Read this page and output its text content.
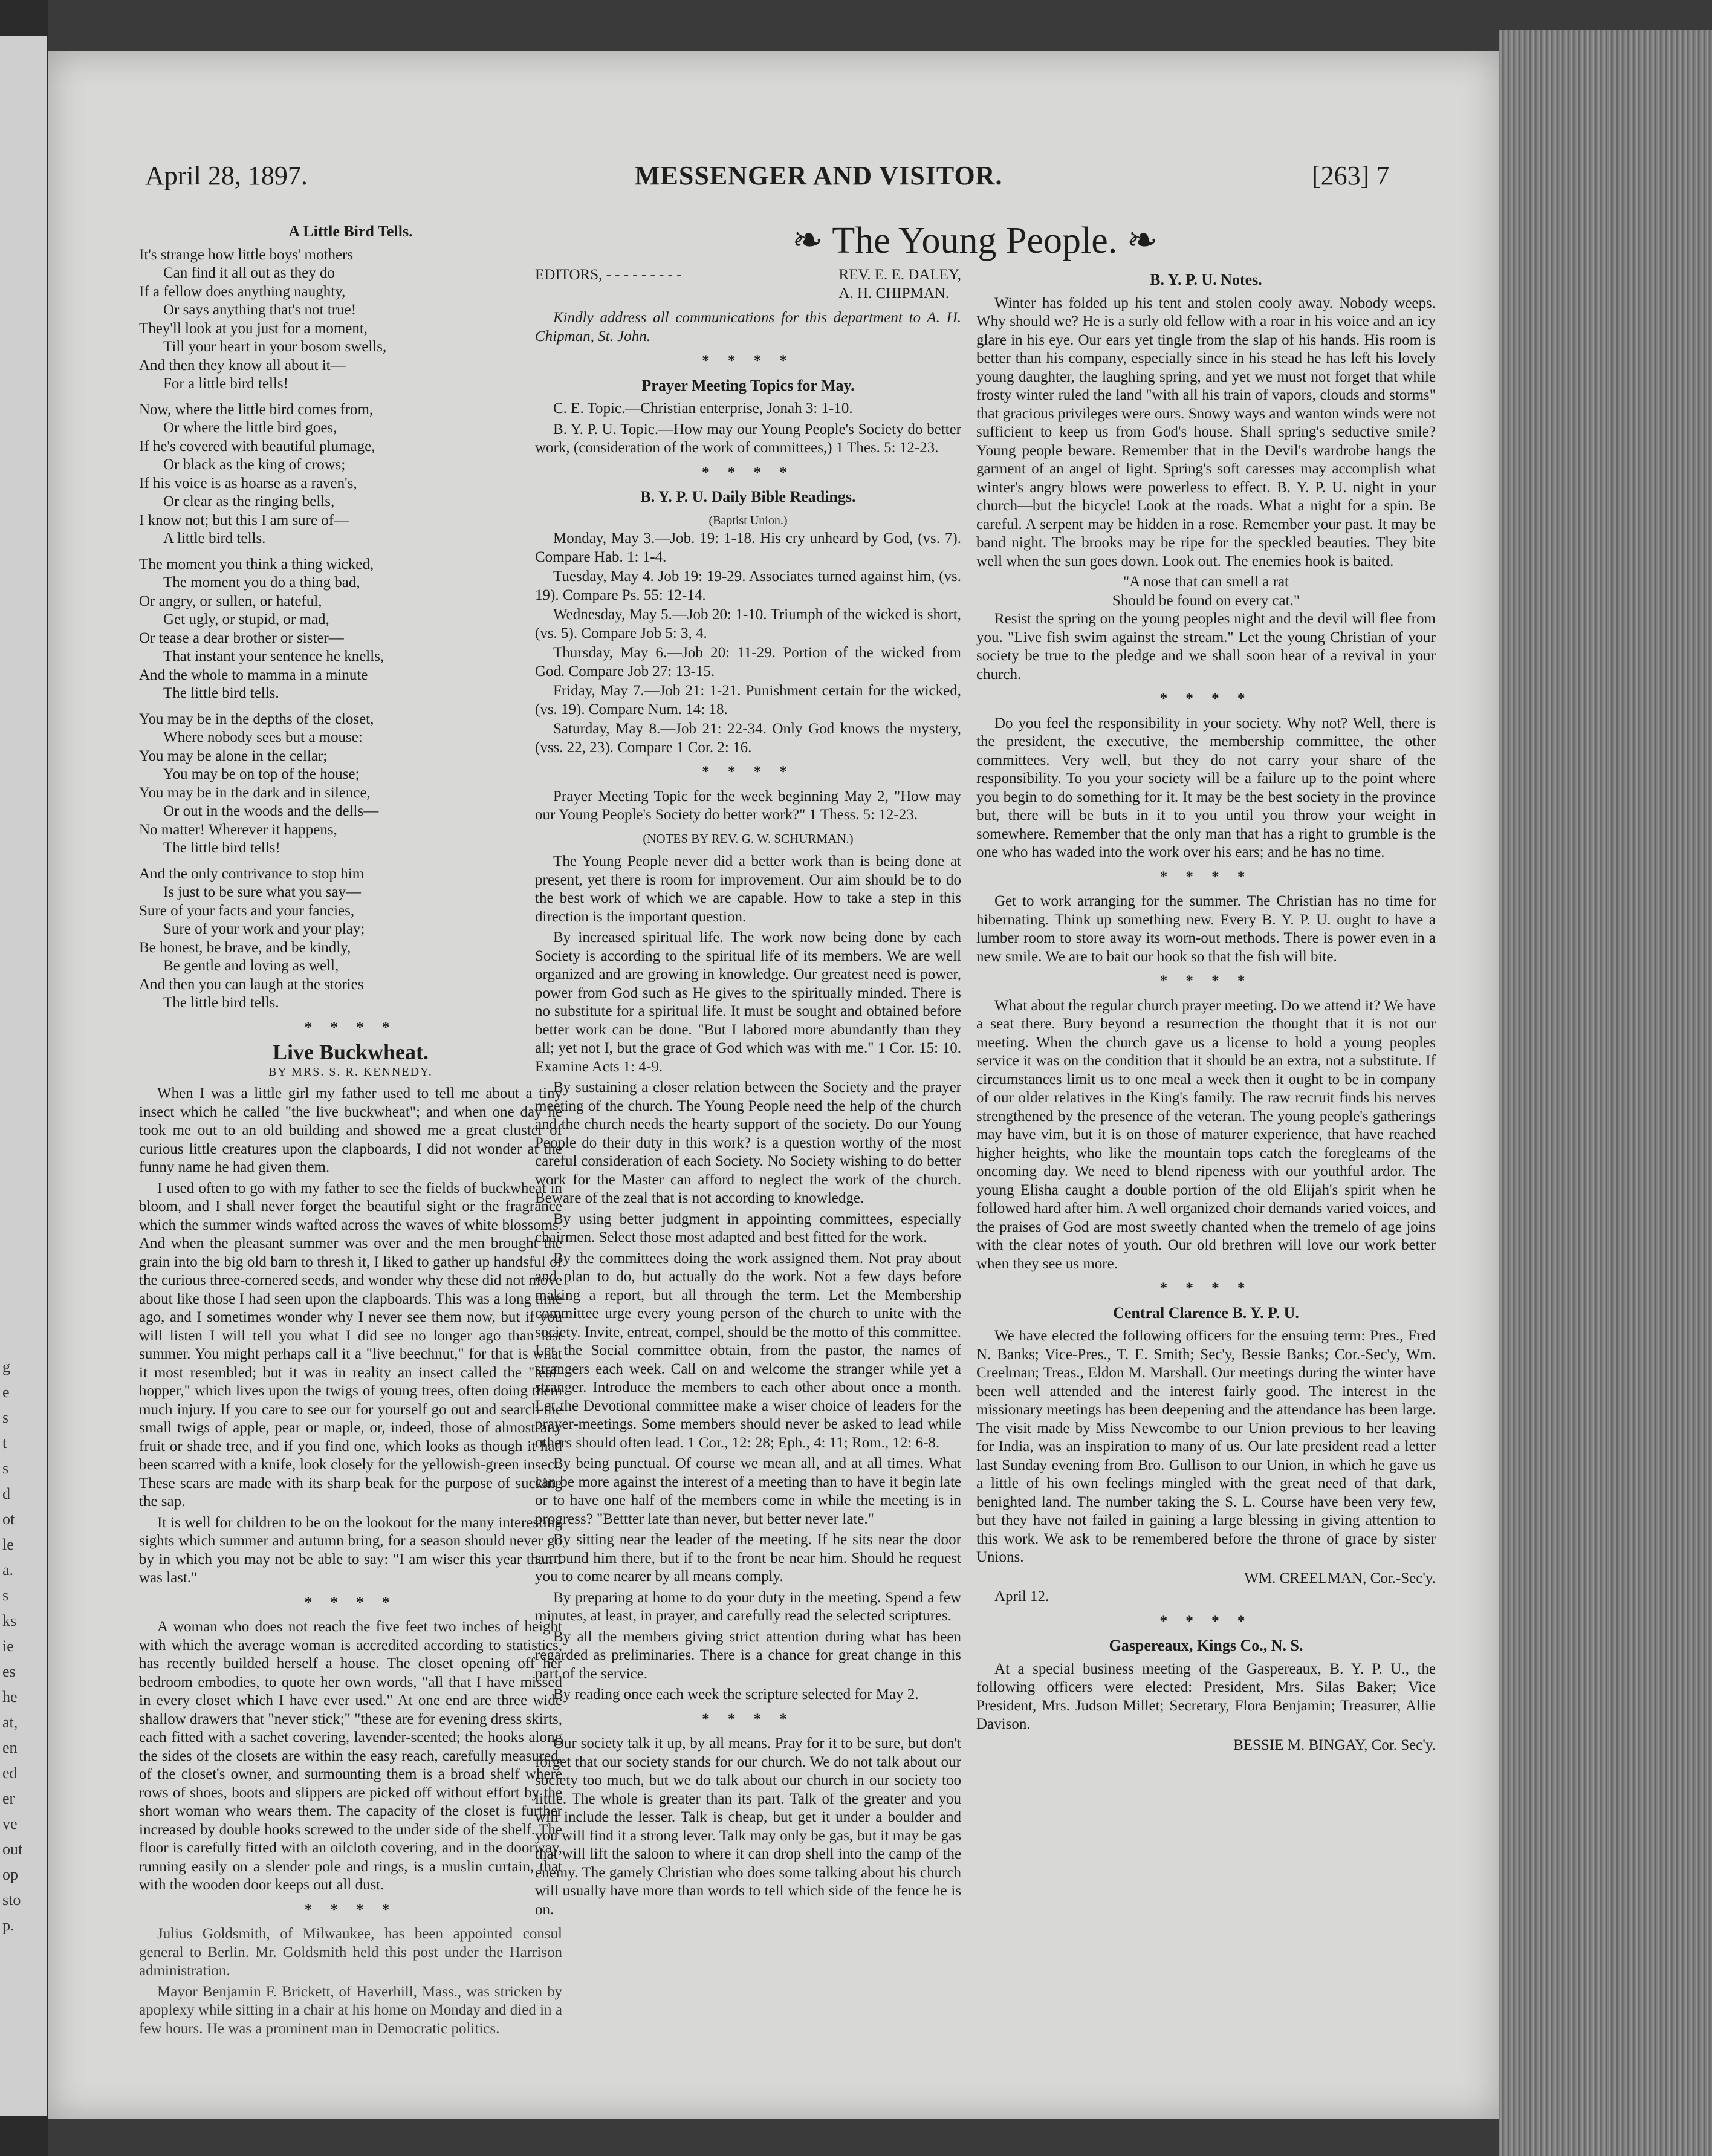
g
e
s
t
s
d
ot
le
a.
s
ks
ie
es
he
at,
en
ed
er
ve
out
op
sto
p.
April 28, 1897.	MESSENGER AND VISITOR.	[263] 7
❧ The Young People. ❧
A Little Bird Tells.
It's strange how little boys' mothers
Can find it all out as they do
If a fellow does anything naughty,
Or says anything that's not true!
They'll look at you just for a moment,
Till your heart in your bosom swells,
And then they know all about it—
For a little bird tells!

Now, where the little bird comes from,
Or where the little bird goes,
If he's covered with beautiful plumage,
Or black as the king of crows;
If his voice is as hoarse as a raven's,
Or clear as the ringing bells,
I know not; but this I am sure of—
A little bird tells.

The moment you think a thing wicked,
The moment you do a thing bad,
Or angry, or sullen, or hateful,
Get ugly, or stupid, or mad,
Or tease a dear brother or sister—
That instant your sentence he knells,
And the whole to mamma in a minute
The little bird tells.

You may be in the depths of the closet,
Where nobody sees but a mouse:
You may be alone in the cellar;
You may be on top of the house;
You may be in the dark and in silence,
Or out in the woods and the dells—
No matter! Wherever it happens,
The little bird tells!

And the only contrivance to stop him
Is just to be sure what you say—
Sure of your facts and your fancies,
Sure of your work and your play;
Be honest, be brave, and be kindly,
Be gentle and loving as well,
And then you can laugh at the stories
The little bird tells.
* * * *
Live Buckwheat.
BY MRS. S. R. KENNEDY.

When I was a little girl my father used to tell me about a tiny insect which he called "the live buckwheat"; and when one day he took me out to an old building and showed me a great cluster of curious little creatures upon the clapboards, I did not wonder at the funny name he had given them.

I used often to go with my father to see the fields of buckwheat in bloom, and I shall never forget the beautiful sight or the fragrance which the summer winds wafted across the waves of white blossoms. And when the pleasant summer was over and the men brought the grain into the big old barn to thresh it, I liked to gather up handsful of the curious three-cornered seeds, and wonder why these did not move about like those I had seen upon the clapboards. This was a long time ago, and I sometimes wonder why I never see them now, but if you will listen I will tell you what I did see no longer ago than last summer. You might perhaps call it a "live beechnut," for that is what it most resembled; but it was in reality an insect called the "leaf-hopper," which lives upon the twigs of young trees, often doing them much injury. If you care to see our for yourself go out and search the small twigs of apple, pear or maple, or, indeed, those of almost any fruit or shade tree, and if you find one, which looks as though it had been scarred with a knife, look closely for the yellowish-green insect. These scars are made with its sharp beak for the purpose of sucking the sap.

It is well for children to be on the lookout for the many interesting sights which summer and autumn bring, for a season should never go by in which you may not be able to say: "I am wiser this year than I was last."

* * * *

A woman who does not reach the five feet two inches of height with which the average woman is accredited according to statistics, has recently builded herself a house. The closet opening off her bedroom embodies, to quote her own words, "all that I have missed in every closet which I have ever used." At one end are three wide shallow drawers that "never stick;" "these are for evening dress skirts, each fitted with a sachet covering, lavender-scented; the hooks along the sides of the closets are within the easy reach, carefully measured, of the closet's owner, and surmounting them is a broad shelf where rows of shoes, boots and slippers are picked off without effort by the short woman who wears them. The capacity of the closet is further increased by double hooks screwed to the under side of the shelf. The floor is carefully fitted with an oilcloth covering, and in the doorway, running easily on a slender pole and rings, is a muslin curtain, that with the wooden door keeps out all dust.

* * * *

Julius Goldsmith, of Milwaukee, has been appointed consul general to Berlin. Mr. Goldsmith held this post under the Harrison administration.

Mayor Benjamin F. Brickett, of Haverhill, Mass., was stricken by apoplexy while sitting in a chair at his home on Monday and died in a few hours. He was a prominent man in Democratic politics.

EDITORS, - - - - - - - - -	REV. E. E. DALEY,
A. H. CHIPMAN.

Kindly address all communications for this department to A. H. Chipman, St. John.

* * * *
Prayer Meeting Topics for May.

C. E. Topic.—Christian enterprise, Jonah 3: 1-10.

B. Y. P. U. Topic.—How may our Young People's Society do better work, (consideration of the work of committees,) 1 Thes. 5: 12-23.

* * * *
B. Y. P. U. Daily Bible Readings.
(Baptist Union.)

Monday, May 3.—Job. 19: 1-18. His cry unheard by God, (vs. 7). Compare Hab. 1: 1-4.

Tuesday, May 4. Job 19: 19-29. Associates turned against him, (vs. 19). Compare Ps. 55: 12-14.

Wednesday, May 5.—Job 20: 1-10. Triumph of the wicked is short, (vs. 5). Compare Job 5: 3, 4.

Thursday, May 6.—Job 20: 11-29. Portion of the wicked from God. Compare Job 27: 13-15.

Friday, May 7.—Job 21: 1-21. Punishment certain for the wicked, (vs. 19). Compare Num. 14: 18.

Saturday, May 8.—Job 21: 22-34. Only God knows the mystery, (vss. 22, 23). Compare 1 Cor. 2: 16.

* * * *

Prayer Meeting Topic for the week beginning May 2, "How may our Young People's Society do better work?" 1 Thess. 5: 12-23.

(NOTES BY REV. G. W. SCHURMAN.)

The Young People never did a better work than is being done at present, yet there is room for improvement. Our aim should be to do the best work of which we are capable. How to take a step in this direction is the important question.

By increased spiritual life. The work now being done by each Society is according to the spiritual life of its members. We are well organized and are growing in knowledge. Our greatest need is power, power from God such as He gives to the spiritually minded. There is no substitute for a spiritual life. It must be sought and obtained before better work can be done. "But I labored more abundantly than they all; yet not I, but the grace of God which was with me." 1 Cor. 15: 10. Examine Acts 1: 4-9.

By sustaining a closer relation between the Society and the prayer meeting of the church. The Young People need the help of the church and the church needs the hearty support of the society. Do our Young People do their duty in this work? is a question worthy of the most careful consideration of each Society. No Society wishing to do better work for the Master can afford to neglect the work of the church. Beware of the zeal that is not according to knowledge.

By using better judgment in appointing committees, especially chairmen. Select those most adapted and best fitted for the work.

By the committees doing the work assigned them. Not pray about and plan to do, but actually do the work. Not a few days before making a report, but all through the term. Let the Membership committee urge every young person of the church to unite with the society. Invite, entreat, compel, should be the motto of this committee. Let the Social committee obtain, from the pastor, the names of strangers each week. Call on and welcome the stranger while yet a stranger. Introduce the members to each other about once a month. Let the Devotional committee make a wiser choice of leaders for the prayer-meetings. Some members should never be asked to lead while others should often lead. 1 Cor., 12: 28; Eph., 4: 11; Rom., 12: 6-8.

By being punctual. Of course we mean all, and at all times. What can be more against the interest of a meeting than to have it begin late or to have one half of the members come in while the meeting is in progress? "Bettter late than never, but better never late."

By sitting near the leader of the meeting. If he sits near the door surround him there, but if to the front be near him. Should he request you to come nearer by all means comply.

By preparing at home to do your duty in the meeting. Spend a few minutes, at least, in prayer, and carefully read the selected scriptures.

By all the members giving strict attention during what has been regarded as preliminaries. There is a chance for great change in this part of the service.

By reading once each week the scripture selected for May 2.

* * * *

Our society talk it up, by all means. Pray for it to be sure, but don't forget that our society stands for our church. We do not talk about our society too much, but we do talk about our church in our society too little. The whole is greater than its part. Talk of the greater and you will include the lesser. Talk is cheap, but get it under a boulder and you will find it a strong lever. Talk may only be gas, but it may be gas that will lift the saloon to where it can drop shell into the camp of the enemy. The gamely Christian who does some talking about his church will usually have more than words to tell which side of the fence he is on.

B. Y. P. U. Notes.

Winter has folded up his tent and stolen cooly away. Nobody weeps. Why should we? He is a surly old fellow with a roar in his voice and an icy glare in his eye. Our ears yet tingle from the slap of his hands. His room is better than his company, especially since in his stead he has left his lovely young daughter, the laughing spring, and yet we must not forget that while frosty winter ruled the land "with all his train of vapors, clouds and storms" that gracious privileges were ours. Snowy ways and wanton winds were not sufficient to keep us from God's house. Shall spring's seductive smile? Young people beware. Remember that in the Devil's wardrobe hangs the garment of an angel of light. Spring's soft caresses may accomplish what winter's angry blows were powerless to effect. B. Y. P. U. night in your church—but the bicycle! Look at the roads. What a night for a spin. Be careful. A serpent may be hidden in a rose. Remember your past. It may be band night. The brooks may be ripe for the speckled beauties. They bite well when the sun goes down. Look out. The enemies hook is baited.

"A nose that can smell a rat
Should be found on every cat."

Resist the spring on the young peoples night and the devil will flee from you. "Live fish swim against the stream." Let the young Christian of your society be true to the pledge and we shall soon hear of a revival in your church.

* * * *

Do you feel the responsibility in your society. Why not? Well, there is the president, the executive, the membership committee, the other committees. Very well, but they do not carry your share of the responsibility. To you your society will be a failure up to the point where you begin to do something for it. It may be the best society in the province but, there will be buts in it to you until you throw your weight in somewhere. Remember that the only man that has a right to grumble is the one who has waded into the work over his ears; and he has no time.

* * * *

Get to work arranging for the summer. The Christian has no time for hibernating. Think up something new. Every B. Y. P. U. ought to have a lumber room to store away its worn-out methods. There is power even in a new smile. We are to bait our hook so that the fish will bite.

* * * *

What about the regular church prayer meeting. Do we attend it? We have a seat there. Bury beyond a resurrection the thought that it is not our meeting. When the church gave us a license to hold a young peoples service it was on the condition that it should be an extra, not a substitute. If circumstances limit us to one meal a week then it ought to be in company of our older relatives in the King's family. The raw recruit finds his nerves strengthened by the presence of the veteran. The young people's gatherings may have vim, but it is on those of maturer experience, that have reached higher heights, who like the mountain tops catch the foregleams of the oncoming day. We need to blend ripeness with our youthful ardor. The young Elisha caught a double portion of the old Elijah's spirit when he followed hard after him. A well organized choir demands varied voices, and the praises of God are most sweetly chanted when the tremelo of age joins with the clear notes of youth. Our old brethren will love our work better when they see us more.

* * * *
Central Clarence B. Y. P. U.

We have elected the following officers for the ensuing term: Pres., Fred N. Banks; Vice-Pres., T. E. Smith; Sec'y, Bessie Banks; Cor.-Sec'y, Wm. Creelman; Treas., Eldon M. Marshall. Our meetings during the winter have been well attended and the interest fairly good. The interest in the missionary meetings has been deepening and the attendance has been large. The visit made by Miss Newcombe to our Union previous to her leaving for India, was an inspiration to many of us. Our late president read a letter last Sunday evening from Bro. Gullison to our Union, in which he gave us a little of his own feelings mingled with the great need of that dark, benighted land. The number taking the S. L. Course have been very few, but they have not failed in gaining a large blessing in giving attention to this work. We ask to be remembered before the throne of grace by sister Unions.

WM. CREELMAN, Cor.-Sec'y.
April 12.
* * * *
Gaspereaux, Kings Co., N. S.

At a special business meeting of the Gaspereaux, B. Y. P. U., the following officers were elected: President, Mrs. Silas Baker; Vice President, Mrs. Judson Millet; Secretary, Flora Benjamin; Treasurer, Allie Davison.

BESSIE M. BINGAY, Cor. Sec'y.
